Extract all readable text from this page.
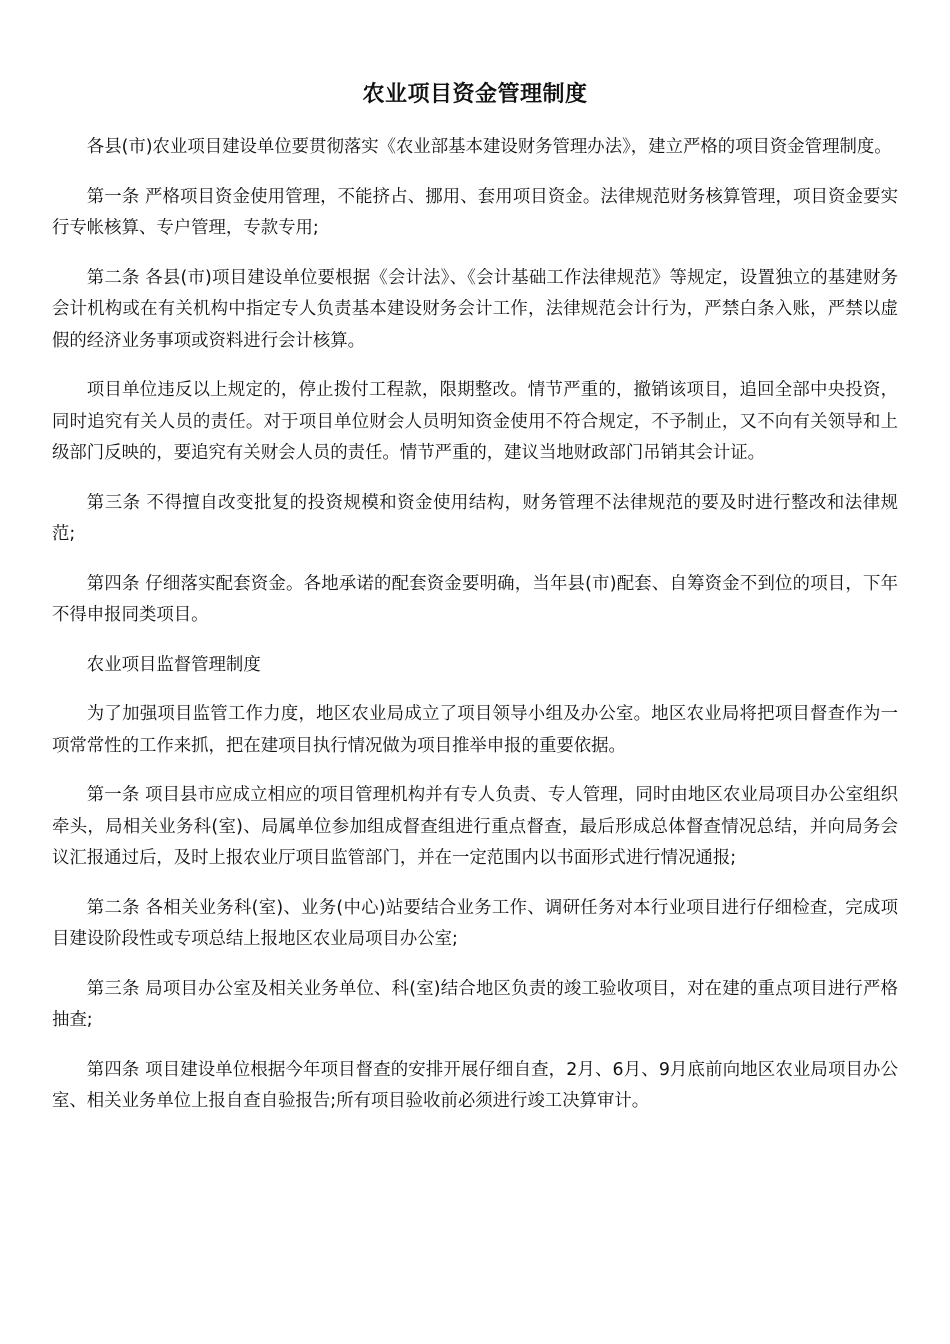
农业项目资金管理制度

各县(市)农业项目建设单位要贯彻落实《农业部基本建设财务管理办法》，建立严格的项目资金管理制度。

第一条 严格项目资金使用管理，不能挤占、挪用、套用项目资金。法律规范财务核算管理，项目资金要实行专帐核算、专户管理，专款专用;

第二条 各县(市)项目建设单位要根据《会计法》、《会计基础工作法律规范》等规定，设置独立的基建财务会计机构或在有关机构中指定专人负责基本建设财务会计工作，法律规范会计行为，严禁白条入账，严禁以虚假的经济业务事项或资料进行会计核算。

项目单位违反以上规定的，停止拨付工程款，限期整改。情节严重的，撤销该项目，追回全部中央投资，同时追究有关人员的责任。对于项目单位财会人员明知资金使用不符合规定，不予制止，又不向有关领导和上级部门反映的，要追究有关财会人员的责任。情节严重的，建议当地财政部门吊销其会计证。

第三条 不得擅自改变批复的投资规模和资金使用结构，财务管理不法律规范的要及时进行整改和法律规范;

第四条 仔细落实配套资金。各地承诺的配套资金要明确，当年县(市)配套、自筹资金不到位的项目，下年不得申报同类项目。

农业项目监督管理制度

为了加强项目监管工作力度，地区农业局成立了项目领导小组及办公室。地区农业局将把项目督查作为一项常常性的工作来抓，把在建项目执行情况做为项目推举申报的重要依据。

第一条 项目县市应成立相应的项目管理机构并有专人负责、专人管理，同时由地区农业局项目办公室组织牵头，局相关业务科(室)、局属单位参加组成督查组进行重点督查，最后形成总体督查情况总结，并向局务会议汇报通过后，及时上报农业厅项目监管部门，并在一定范围内以书面形式进行情况通报;

第二条 各相关业务科(室)、业务(中心)站要结合业务工作、调研任务对本行业项目进行仔细检查，完成项目建设阶段性或专项总结上报地区农业局项目办公室;

第三条 局项目办公室及相关业务单位、科(室)结合地区负责的竣工验收项目，对在建的重点项目进行严格抽查;

第四条 项目建设单位根据今年项目督查的安排开展仔细自查，2月、6月、9月底前向地区农业局项目办公室、相关业务单位上报自查自验报告;所有项目验收前必须进行竣工决算审计。
